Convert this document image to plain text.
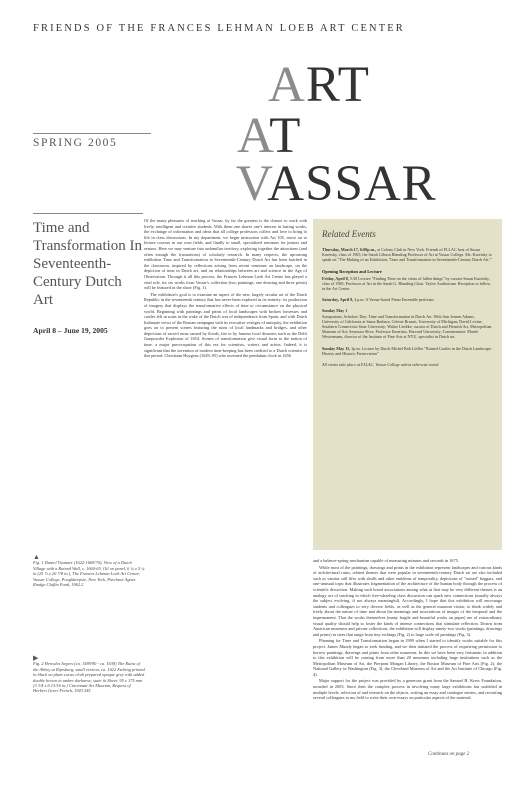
FRIENDS OF THE FRANCES LEHMAN LOEB ART CENTER
ART
AT
VASSAR
SPRING 2005
Time and Transformation In Seventeenth-Century Dutch Art
April 8 – June 19, 2005

Of the many pleasures of teaching at Vassar, by far the greatest is the chance to work with lively, intelligent and creative students. With them one shares one's interest in lasting works, the exchange of information and ideas that all college professors collect and love to bring to life in class discussions. In my department, we begin instruction with Art 105, move on to lecture courses in our own fields, and finally to small, specialized seminars for juniors and seniors. Here we may venture into unfamiliar territory, exploring together the attractions (and often enough the frustrations) of scholarly research. In many respects, the upcoming exhibition Time and Transformation in Seventeenth-Century Dutch Art has been hatched in the classroom, inspired by reflections arising from recent seminars on landscape, on the depiction of time in Dutch art, and on relationships between art and science in the Age of Observation. Through it all this process, the Frances Lehman Loeb Art Center has played a vital role, for six works from Vassar's collection (two paintings, one drawing and three prints) will be featured in the show (Fig. 1).

The exhibition's goal is to examine an aspect of the new, largely secular art of the Dutch Republic in the seventeenth century that has never been explored in its entirety: its production of imagery that displays the transformative effects of time or circumstance on the physical world. Beginning with paintings and prints of local landscapes with broken fortresses and castles left in ruins in the wake of the Dutch war of independence from Spain, and with Dutch Italianate views of the Roman campagna with its evocative vestiges of antiquity, the exhibition goes on to present scenes featuring the ruins of local landmarks and bridges, and other depictions of sacred ruins caused by floods, fire or by famous local disasters such as the Delft Gunpowder Explosion of 1654. Scenes of transformation give visual form to the notion of time, a major preoccupation of this era for scientists, writers and artists. Indeed, it is significant that the invention of modern time-keeping has been credited to a Dutch scientist of this period: Christiaan Huygens (1629–95) who invented the pendulum clock in 1656

Related Events
Thursday, March 17, 6:00p.m., at Colony Club in New York. Friends of FLLAC host of Susan Kuretsky, class of 1965, the Sarah Gibson Blanding Professor of Art at Vassar College. Ms. Kuretsky to speak on "The Making of an Exhibition, 'Time and Transformation in Seventeenth-Century Dutch Art.'"
Opening Reception and Lecture
Friday, April 8, 5:30 Lecture "Finding Time on the vistas of fallen things" by curator Susan Kuretsky, class of 1965, Professor of Art in the Sarah G. Blanding Chair. Taylor Auditorium. Reception to follow in the Art Center.
Saturday, April 9, 4 p.m. A Vassar-based Piano Ensemble performs.
Sunday May 1
Symposium, Scholars' Day: Time and Transformation in Dutch Art. With Ann Jensen Adams, University of California at Santa Barbara; Celeste Brusati, University of Michigan; David Levine, Southern Connecticut State University; Walter Liedtke, curator of Dutch and Flemish Art, Metropolitan Museum of Art; Seymour Slive, Professor Emeritus, Harvard University; Commentator: Mariët Westermann, director of the Institute of Fine Arts at NYU, specialist in Dutch art.
Sunday May 15, 3p.m. Lecture by Dutch Michel Bob Löffler "Ruined Castles in the Dutch Landscape: History and Historic Preservation"
All events take place at FLLAC, Vassar College unless otherwise noted.

and a balance-spring mechanism capable of measuring minutes and seconds in 1675.

While most of the paintings, drawings and prints in the exhibition represent landscapes and various kinds of architectural ruins, related themes that were popular in seventeenth-century Dutch art are also included such as vanitas still lifes with skulls and other emblems of temporality, depictions of "ruined" beggars, and one-unusual topic that illustrates fragmentation of the architecture of the human body through the process of scientific dissection. Making such broad associations among what at first may be very different themes is an analogy act of teaching in which free-wheeling class discussion can spark new connections (usually always the subject evolving, if not always meaningful). Accordingly, I hope that this exhibition will encourage students and colleagues to very diverse fields, as well as the general museum visitor, to think widely and freely about the nature of time and about the meanings and associations of images of the temporal and the impermanent. That the works themselves (many fragile and beautiful works on paper) are of extraordinary visual quality should help to foster the kinds of intense connections that stimulate reflection. Drawn from American museums and private collections, the exhibition will display ninety-two works (paintings, drawings and prints) in sizes that range from tiny etchings (Fig. 2) to large scale oil paintings (Fig. 3).

Planning for Time and Transformation began in 1999 when I started to identify works suitable for this project. James Mundy began to seek funding, and we then initiated the process of requesting permission to borrow paintings, drawings and prints from other museums. In this we have been very fortunate; in addition to this exhibition will be coming from more than 20 museums including large institutions such as the Metropolitan Museum of Art, the Pierpont Morgan Library, the Boston Museum of Fine Arts (Fig. 2), the National Gallery in Washington (Fig. 3), the Cleveland Museum of Art and the Art Institute of Chicago (Fig. 4).

Major support for the project was provided by a generous grant from the Samuel H. Kress Foundation, awarded in 2003. Since then the complex process in involving many large exhibitions has unfolded in multiple levels: selection of and research on the objects, writing an essay and catalogue entries, and recruiting several colleagues in my field to write their own essays on particular aspects of the material.

▲
Fig. 1 Daniel Vosmaer (1622-1669/70), View of a Dutch Village with a Ruined Wall, c. 1660-65. Oil on panel, 6 ¼ x 5 ¼ in (25 ½ x 20 7/8 in.), The Frances Lehman Loeb Art Center, Vassar College, Poughkeepsie, New York, Purchase Agnes Rindge Claflin Fund, 1962.2
▶
Fig. 2 Hercules Segers (ca. 1589/90 - ca. 1638) The Ruins of the Abbey at Rijnsburg, small version, ca. 1622 Etching printed in black on plain cacao cloth prepared opaque grey with added double brown in umber darkness; state iii Sheet: 95 x 175 mm (3 3/4 x 6 13/16 in.) Cincinnati Art Museum, Bequest of Herbert Greer French, 1943.345
Continues on page 2
